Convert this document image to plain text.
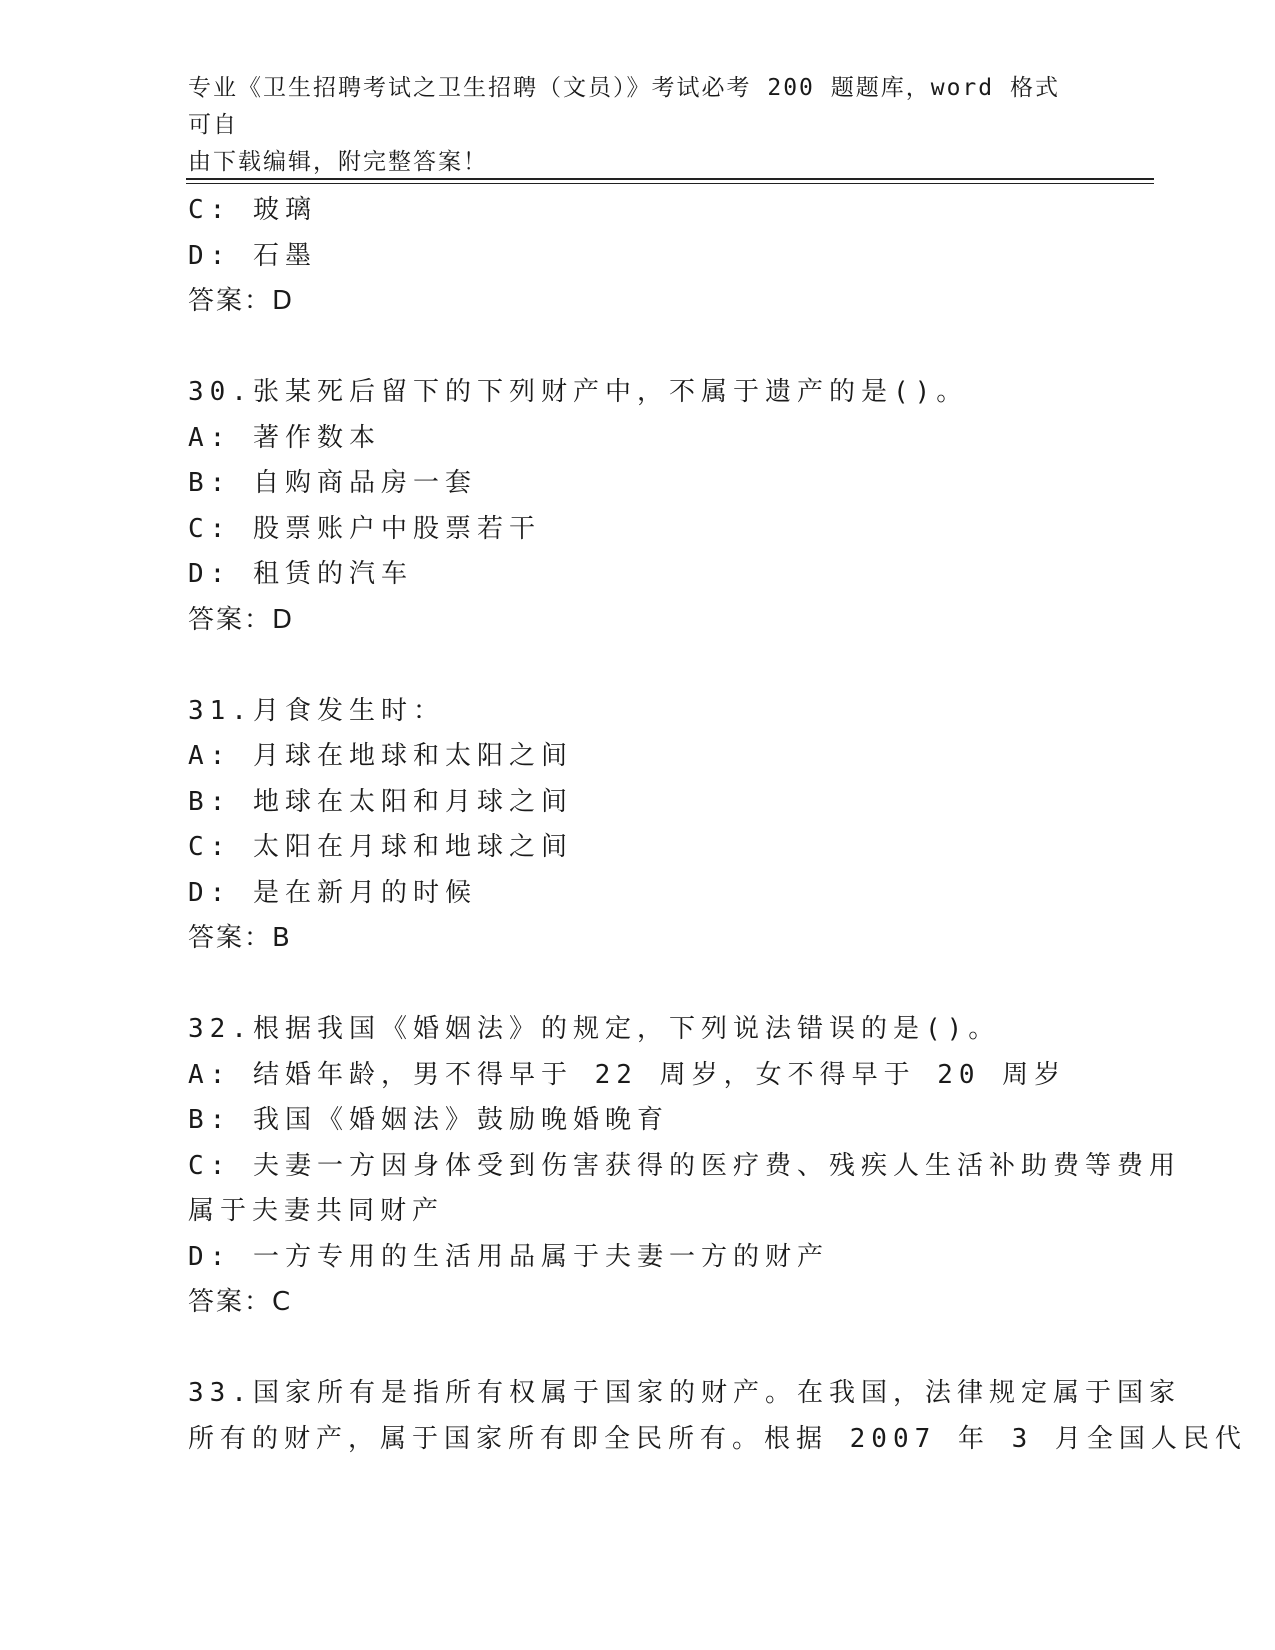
专业《卫生招聘考试之卫生招聘（文员）》考试必考 200 题题库，word 格式可自
由下载编辑，附完整答案！
C: 玻璃
D: 石墨
答案：D
30.张某死后留下的下列财产中，不属于遗产的是()。
A: 著作数本
B: 自购商品房一套
C: 股票账户中股票若干
D: 租赁的汽车
答案：D
31.月食发生时：
A: 月球在地球和太阳之间
B: 地球在太阳和月球之间
C: 太阳在月球和地球之间
D: 是在新月的时候
答案：B
32.根据我国《婚姻法》的规定，下列说法错误的是()。
A: 结婚年龄，男不得早于 22 周岁，女不得早于 20 周岁
B: 我国《婚姻法》鼓励晚婚晚育
C: 夫妻一方因身体受到伤害获得的医疗费、残疾人生活补助费等费用
属于夫妻共同财产
D: 一方专用的生活用品属于夫妻一方的财产
答案：C
33.国家所有是指所有权属于国家的财产。在我国，法律规定属于国家
所有的财产，属于国家所有即全民所有。根据 2007 年 3 月全国人民代
